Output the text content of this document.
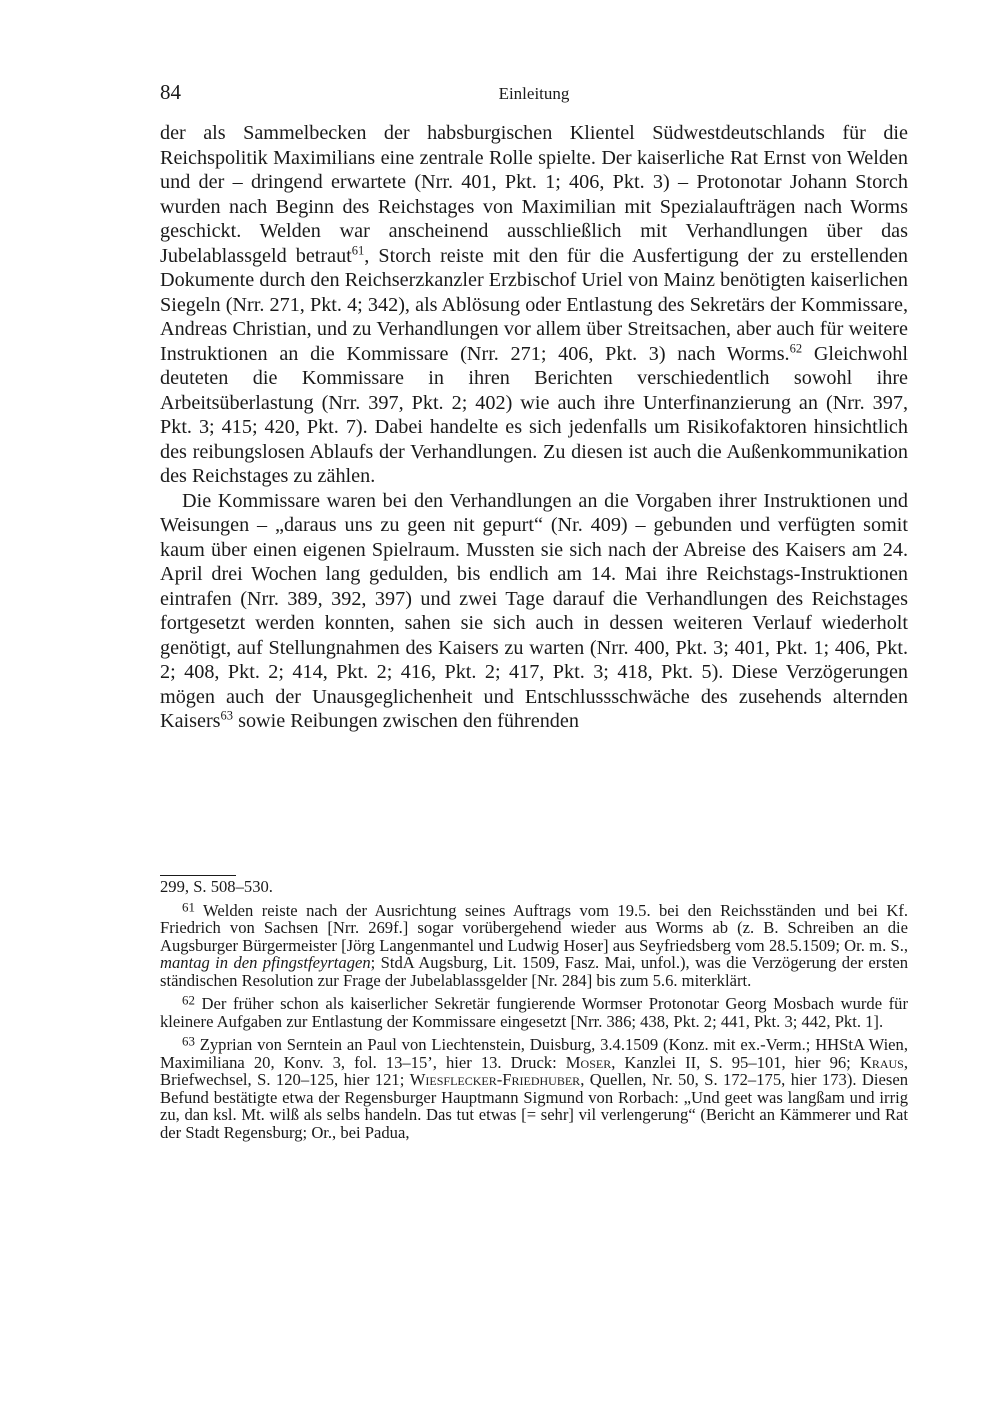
84	Einleitung

der als Sammelbecken der habsburgischen Klientel Südwestdeutschlands für die Reichspolitik Maximilians eine zentrale Rolle spielte. Der kaiserliche Rat Ernst von Welden und der – dringend erwartete (Nrr. 401, Pkt. 1; 406, Pkt. 3) – Protonotar Johann Storch wurden nach Beginn des Reichstages von Maximilian mit Spezialaufträgen nach Worms geschickt. Welden war anscheinend ausschließlich mit Verhandlungen über das Jubelablassgeld betraut$^{61}$, Storch reiste mit den für die Ausfertigung der zu erstellenden Dokumente durch den Reichserzkanzler Erzbischof Uriel von Mainz benötigten kaiserlichen Siegeln (Nrr. 271, Pkt. 4; 342), als Ablösung oder Entlastung des Sekretärs der Kommissare, Andreas Christian, und zu Verhandlungen vor allem über Streitsachen, aber auch für weitere Instruktionen an die Kommissare (Nrr. 271; 406, Pkt. 3) nach Worms.$^{62}$ Gleichwohl deuteten die Kommissare in ihren Berichten verschiedentlich sowohl ihre Arbeitsüberlastung (Nrr. 397, Pkt. 2; 402) wie auch ihre Unterfinanzierung an (Nrr. 397, Pkt. 3; 415; 420, Pkt. 7). Dabei handelte es sich jedenfalls um Risikofaktoren hinsichtlich des reibungslosen Ablaufs der Verhandlungen. Zu diesen ist auch die Außenkommunikation des Reichstages zu zählen.

Die Kommissare waren bei den Verhandlungen an die Vorgaben ihrer Instruktionen und Weisungen – „daraus uns zu geen nit gepurt“ (Nr. 409) – gebunden und verfügten somit kaum über einen eigenen Spielraum. Mussten sie sich nach der Abreise des Kaisers am 24. April drei Wochen lang gedulden, bis endlich am 14. Mai ihre Reichstags-Instruktionen eintrafen (Nrr. 389, 392, 397) und zwei Tage darauf die Verhandlungen des Reichstages fortgesetzt werden konnten, sahen sie sich auch in dessen weiteren Verlauf wiederholt genötigt, auf Stellungnahmen des Kaisers zu warten (Nrr. 400, Pkt. 3; 401, Pkt. 1; 406, Pkt. 2; 408, Pkt. 2; 414, Pkt. 2; 416, Pkt. 2; 417, Pkt. 3; 418, Pkt. 5). Diese Verzögerungen mögen auch der Unausgeglichenheit und Entschlussschwäche des zusehends alternden Kaisers$^{63}$ sowie Reibungen zwischen den führenden

299, S. 508–530.

$^{61}$ Welden reiste nach der Ausrichtung seines Auftrags vom 19.5. bei den Reichsständen und bei Kf. Friedrich von Sachsen [Nrr. 269f.] sogar vorübergehend wieder aus Worms ab (z. B. Schreiben an die Augsburger Bürgermeister [Jörg Langenmantel und Ludwig Hoser] aus Seyfriedsberg vom 28.5.1509; Or. m. S., mantag in den pfingstfeyrtagen; StdA Augsburg, Lit. 1509, Fasz. Mai, unfol.), was die Verzögerung der ersten ständischen Resolution zur Frage der Jubelablassgelder [Nr. 284] bis zum 5.6. miterklärt.

$^{62}$ Der früher schon als kaiserlicher Sekretär fungierende Wormser Protonotar Georg Mosbach wurde für kleinere Aufgaben zur Entlastung der Kommissare eingesetzt [Nrr. 386; 438, Pkt. 2; 441, Pkt. 3; 442, Pkt. 1].

$^{63}$ Zyprian von Serntein an Paul von Liechtenstein, Duisburg, 3.4.1509 (Konz. mit ex.-Verm.; HHStA Wien, Maximiliana 20, Konv. 3, fol. 13–15’, hier 13. Druck: Moser, Kanzlei II, S. 95–101, hier 96; Kraus, Briefwechsel, S. 120–125, hier 121; Wiesflecker-Friedhuber, Quellen, Nr. 50, S. 172–175, hier 173). Diesen Befund bestätigte etwa der Regensburger Hauptmann Sigmund von Rorbach: „Und geet was langßam und irrig zu, dan ksl. Mt. wilß als selbs handeln. Das tut etwas [= sehr] vil verlengerung“ (Bericht an Kämmerer und Rat der Stadt Regensburg; Or., bei Padua,
